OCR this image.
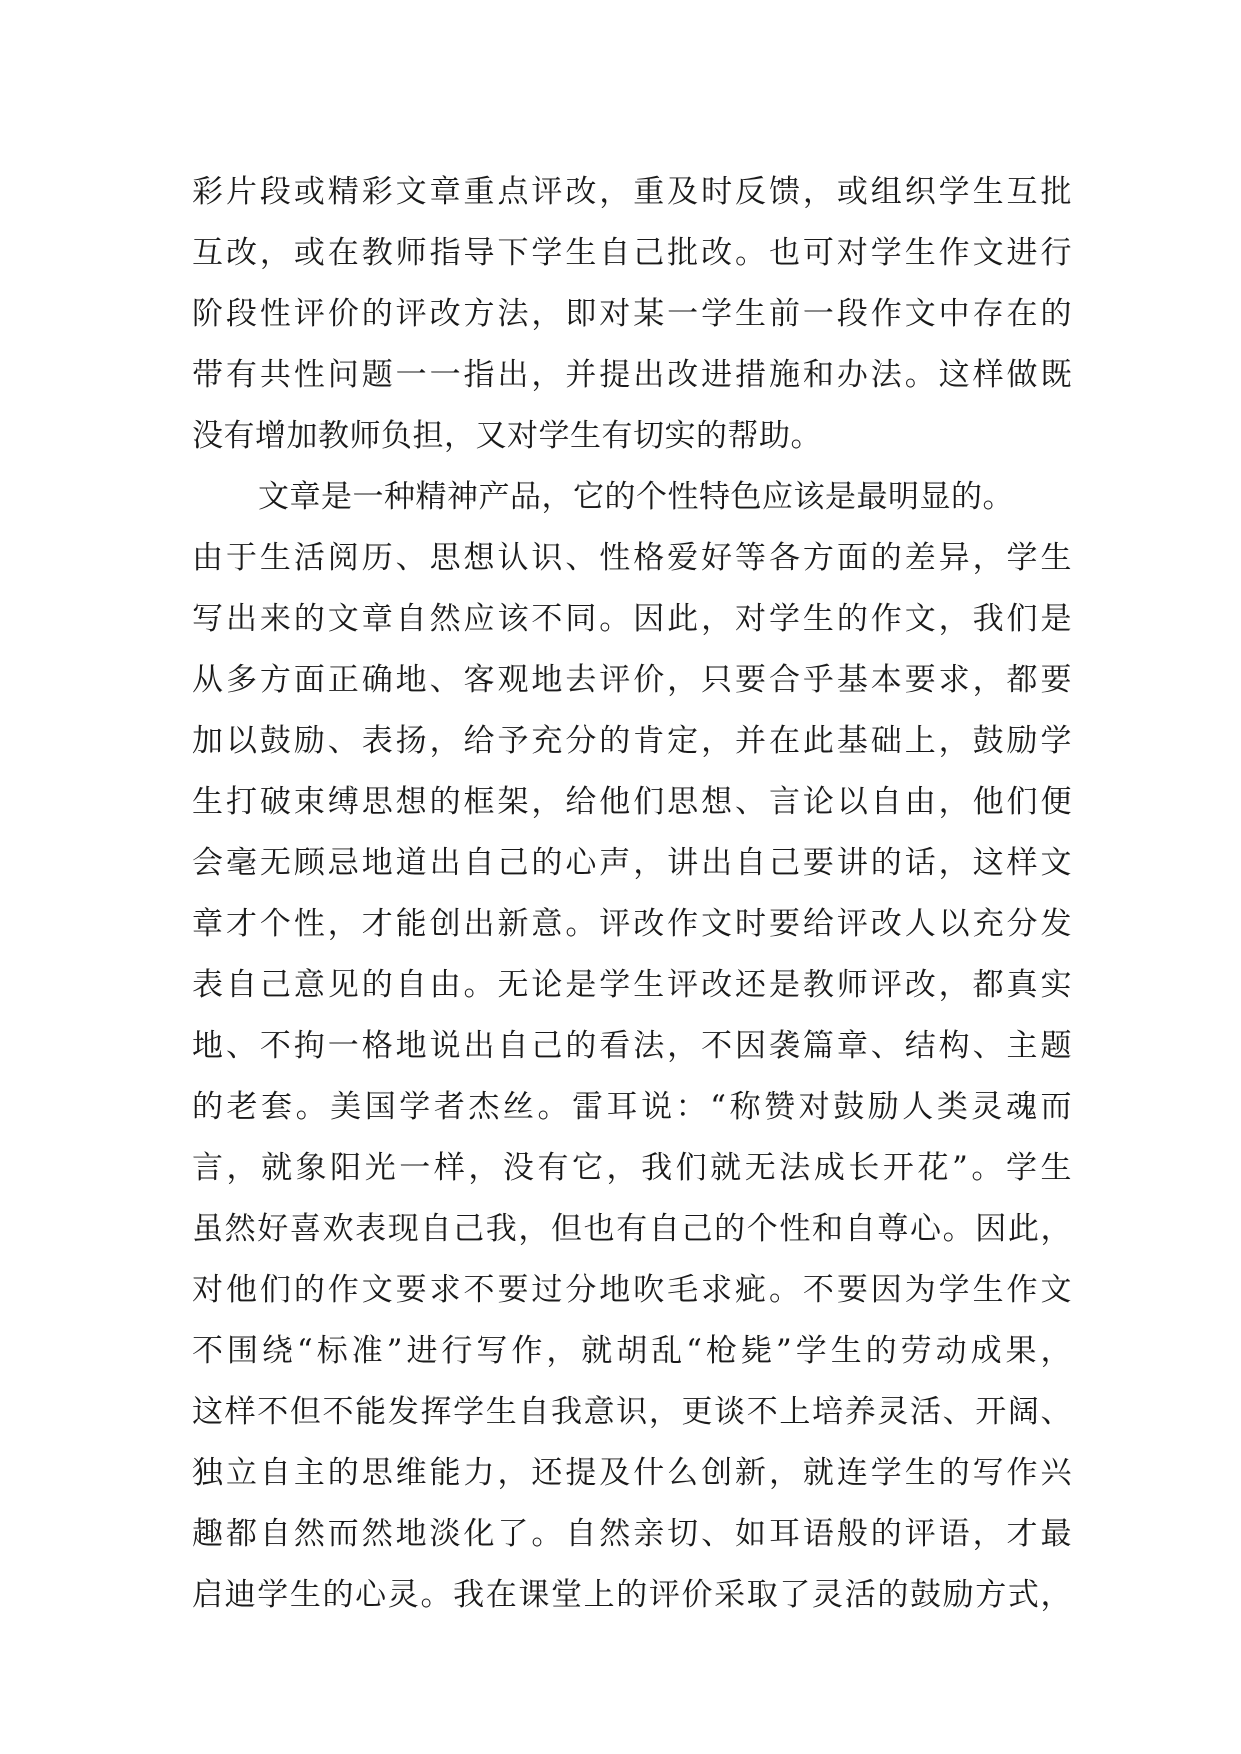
彩片段或精彩文章重点评改，重及时反馈，或组织学生互批
互改，或在教师指导下学生自己批改。也可对学生作文进行
阶段性评价的评改方法，即对某一学生前一段作文中存在的
带有共性问题一一指出，并提出改进措施和办法。这样做既
没有增加教师负担，又对学生有切实的帮助。
文章是一种精神产品，它的个性特色应该是最明显的。
由于生活阅历、思想认识、性格爱好等各方面的差异，学生
写出来的文章自然应该不同。因此，对学生的作文，我们是
从多方面正确地、客观地去评价，只要合乎基本要求，都要
加以鼓励、表扬，给予充分的肯定，并在此基础上，鼓励学
生打破束缚思想的框架，给他们思想、言论以自由，他们便
会毫无顾忌地道出自己的心声，讲出自己要讲的话，这样文
章才个性，才能创出新意。评改作文时要给评改人以充分发
表自己意见的自由。无论是学生评改还是教师评改，都真实
地、不拘一格地说出自己的看法，不因袭篇章、结构、主题
的老套。美国学者杰丝。雷耳说：“称赞对鼓励人类灵魂而
言，就象阳光一样，没有它，我们就无法成长开花”。学生
虽然好喜欢表现自己我，但也有自己的个性和自尊心。因此，
对他们的作文要求不要过分地吹毛求疵。不要因为学生作文
不围绕“标准”进行写作，就胡乱“枪毙”学生的劳动成果，
这样不但不能发挥学生自我意识，更谈不上培养灵活、开阔、
独立自主的思维能力，还提及什么创新，就连学生的写作兴
趣都自然而然地淡化了。自然亲切、如耳语般的评语，才最
启迪学生的心灵。我在课堂上的评价采取了灵活的鼓励方式，
